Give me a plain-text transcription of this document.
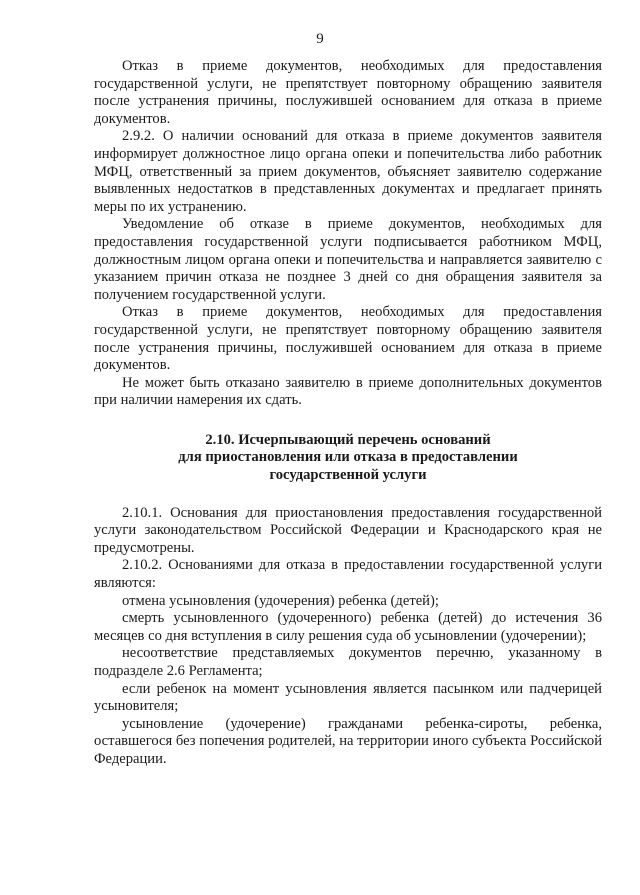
9

Отказ в приеме документов, необходимых для предоставления государственной услуги, не препятствует повторному обращению заявителя после устранения причины, послужившей основанием для отказа в приеме документов.

2.9.2. О наличии оснований для отказа в приеме документов заявителя информирует должностное лицо органа опеки и попечительства либо работник МФЦ, ответственный за прием документов, объясняет заявителю содержание выявленных недостатков в представленных документах и предлагает принять меры по их устранению.

Уведомление об отказе в приеме документов, необходимых для предоставления государственной услуги подписывается работником МФЦ, должностным лицом органа опеки и попечительства и направляется заявителю с указанием причин отказа не позднее 3 дней со дня обращения заявителя за получением государственной услуги.

Отказ в приеме документов, необходимых для предоставления государственной услуги, не препятствует повторному обращению заявителя после устранения причины, послужившей основанием для отказа в приеме документов.

Не может быть отказано заявителю в приеме дополнительных документов при наличии намерения их сдать.

2.10. Исчерпывающий перечень оснований
для приостановления или отказа в предоставлении
государственной услуги

2.10.1. Основания для приостановления предоставления государственной услуги законодательством Российской Федерации и Краснодарского края не предусмотрены.

2.10.2. Основаниями для отказа в предоставлении государственной услуги являются:

отмена усыновления (удочерения) ребенка (детей);

смерть усыновленного (удочеренного) ребенка (детей) до истечения 36 месяцев со дня вступления в силу решения суда об усыновлении (удочерении);

несоответствие представляемых документов перечню, указанному в подразделе 2.6 Регламента;

если ребенок на момент усыновления является пасынком или падчерицей усыновителя;

усыновление (удочерение) гражданами ребенка-сироты, ребенка, оставшегося без попечения родителей, на территории иного субъекта Российской Федерации.
